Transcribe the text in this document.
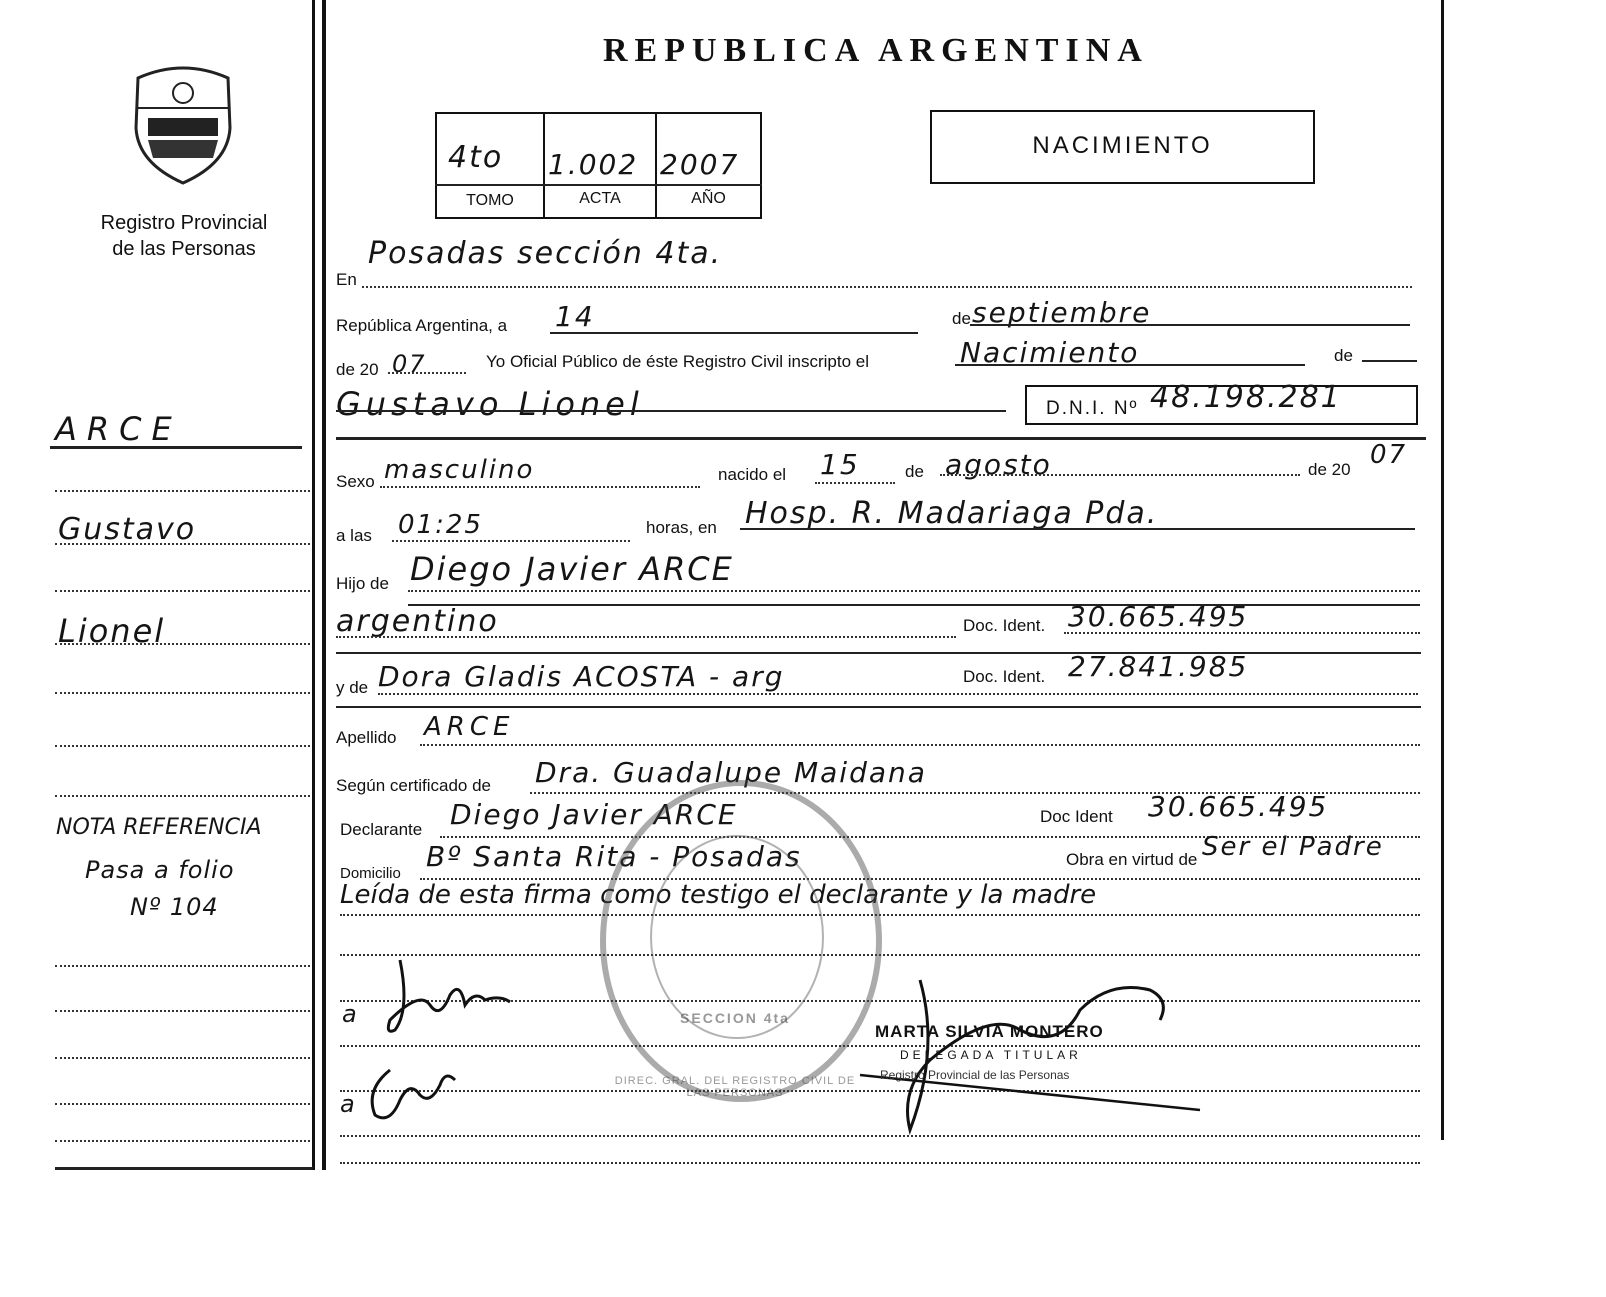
Registro Provincial
de las Personas
REPUBLICA ARGENTINA
4to 1.002 2007
TOMO	ACTA	AÑO
NACIMIENTO
ARCE
Gustavo
Lionel
NOTA REFERENCIA
Pasa a folio
Nº 104
En
Posadas sección 4ta.
República Argentina, a 14	de septiembre
de 20 07	Yo Oficial Público de éste Registro Civil inscripto el	Nacimiento	de
Gustavo Lionel	D.N.I. Nº 48.198.281
Sexo masculino	nacido el 15	de agosto	de 20 07
a las 01:25	horas, en Hosp. R. Madariaga Pda.
Hijo de Diego Javier ARCE
argentino	Doc. Ident. 30.665.495
y de Dora Gladis ACOSTA - arg	Doc. Ident. 27.841.985
Apellido ARCE
Según certificado de Dra. Guadalupe Maidana
Declarante Diego Javier ARCE	Doc Ident 30.665.495
Domicilio
Bº Santa Rita - Posadas	Obra en virtud de Ser el Padre
Leída de esta firma como testigo el declarante y la madre
a
a
DIREC. GRAL. DEL REGISTRO CIVIL DE LAS PERSONAS
SECCION 4ta
MARTA SILVIA MONTERO
DELEGADA TITULAR
Registro Provincial de las Personas
